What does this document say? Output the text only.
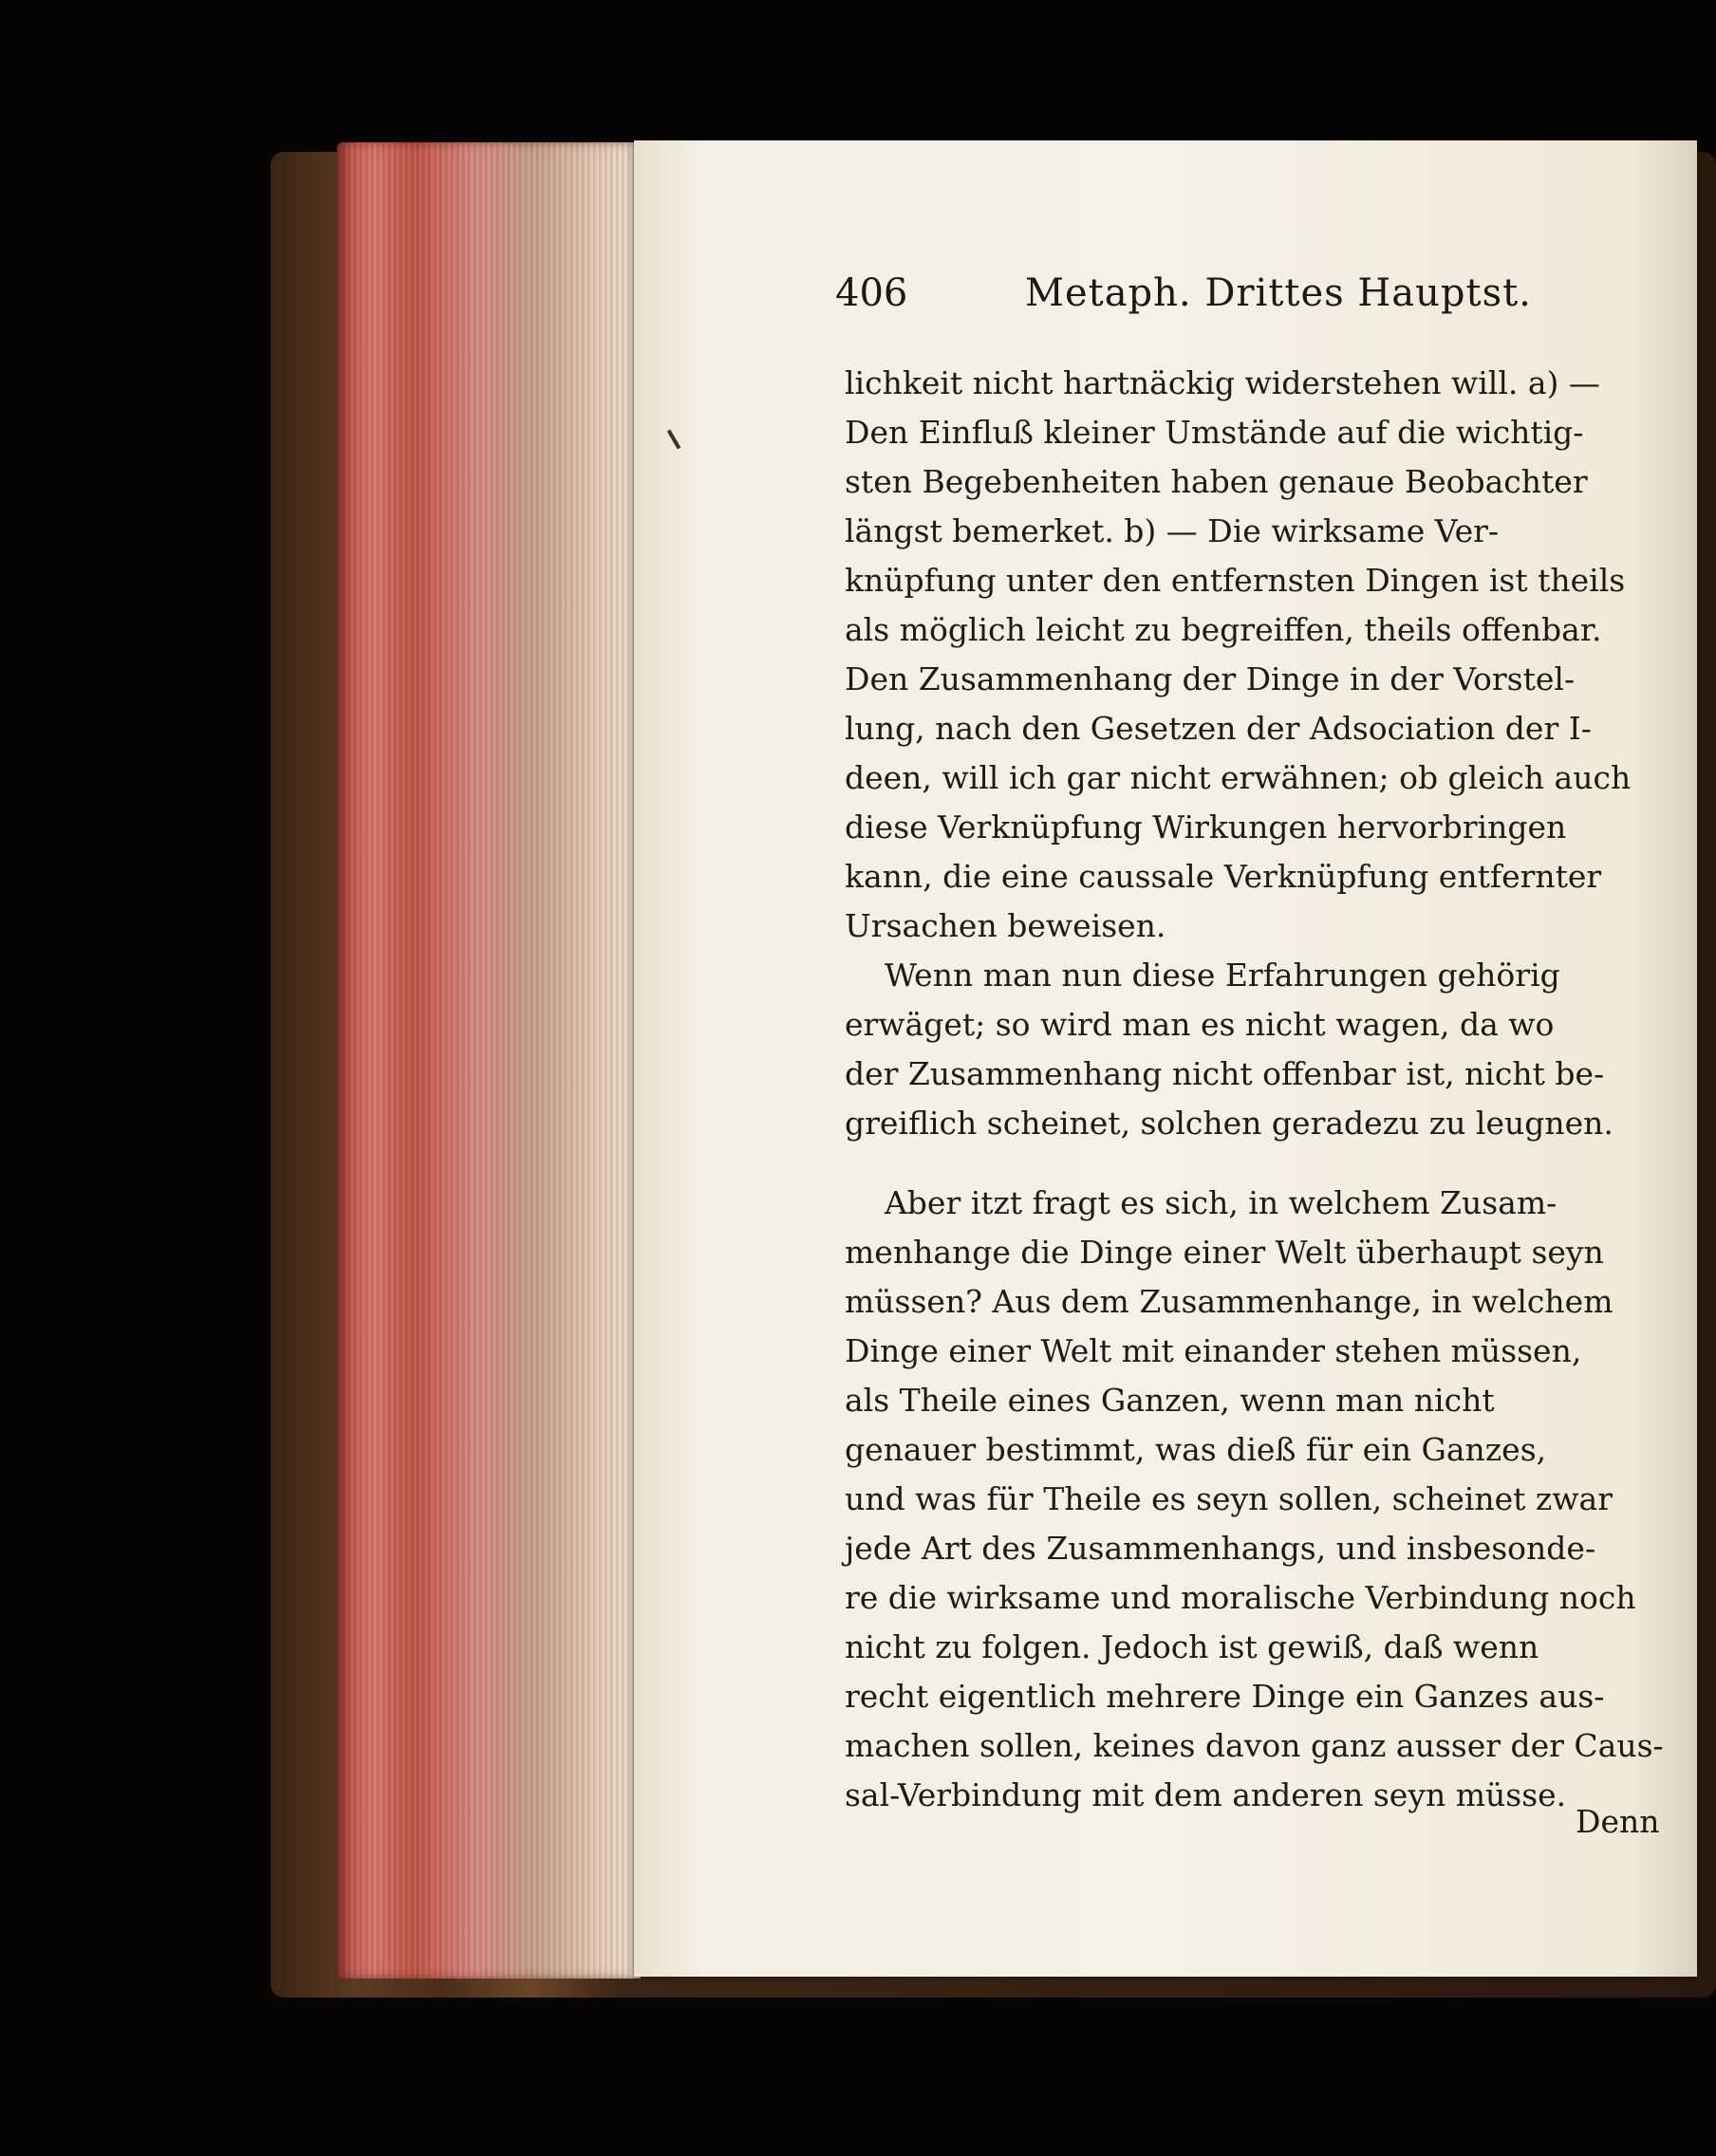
406	Metaph. Drittes Hauptst.
lichkeit nicht hartnäckig widerstehen will. a) —
Den Einfluß kleiner Umstände auf die wichtig-
sten Begebenheiten haben genaue Beobachter
längst bemerket. b) — Die wirksame Ver-
knüpfung unter den entfernsten Dingen ist theils
als möglich leicht zu begreiffen, theils offenbar.
Den Zusammenhang der Dinge in der Vorstel-
lung, nach den Gesetzen der Adsociation der I-
deen, will ich gar nicht erwähnen; ob gleich auch
diese Verknüpfung Wirkungen hervorbringen
kann, die eine caussale Verknüpfung entfernter
Ursachen beweisen.
Wenn man nun diese Erfahrungen gehörig
erwäget; so wird man es nicht wagen, da wo
der Zusammenhang nicht offenbar ist, nicht be-
greiflich scheinet, solchen geradezu zu leugnen.
Aber itzt fragt es sich, in welchem Zusam-
menhange die Dinge einer Welt überhaupt seyn
müssen? Aus dem Zusammenhange, in welchem
Dinge einer Welt mit einander stehen müssen,
als Theile eines Ganzen, wenn man nicht
genauer bestimmt, was dieß für ein Ganzes,
und was für Theile es seyn sollen, scheinet zwar
jede Art des Zusammenhangs, und insbesonde-
re die wirksame und moralische Verbindung noch
nicht zu folgen. Jedoch ist gewiß, daß wenn
recht eigentlich mehrere Dinge ein Ganzes aus-
machen sollen, keines davon ganz ausser der Caus-
sal-Verbindung mit dem anderen seyn müsse.
Denn
